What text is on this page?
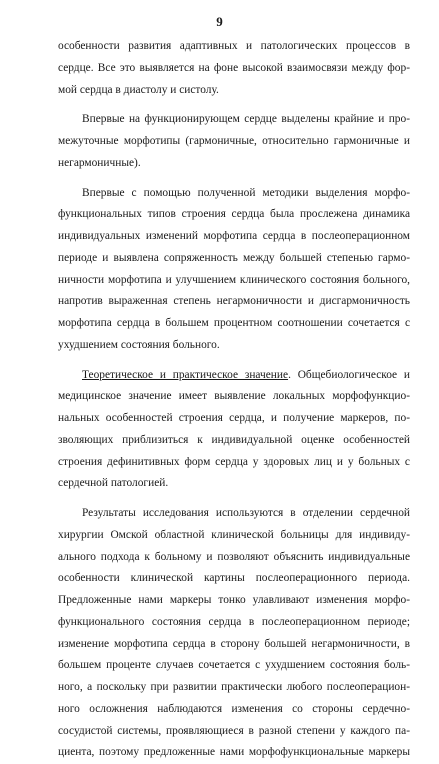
9
особенности развития адаптивных и патологических процессов в
сердце. Все это выявляется на фоне высокой взаимосвязи между фор-
мой сердца в диастолу и систолу.
Впервые на функционирующем сердце выделены крайние и про-
межуточные морфотипы (гармоничные, относительно гармоничные и
негармоничные).
Впервые с помощью полученной методики выделения морфо-
функциональных типов строения сердца была прослежена динамика
индивидуальных изменений морфотипа сердца в послеоперационном
периоде и выявлена сопряженность между большей степенью гармо-
ничности морфотипа и улучшением клинического состояния больного,
напротив выраженная степень негармоничности и дисгармоничность
морфотипа сердца в большем процентном соотношении сочетается с
ухудшением состояния больного.
Теоретическое и практическое значение. Общебиологическое и
медицинское значение имеет выявление локальных морфофункцио-
нальных особенностей строения сердца, и получение маркеров, по-
зволяющих приблизиться к индивидуальной оценке особенностей
строения дефинитивных форм сердца у здоровых лиц и у больных с
сердечной патологией.
Результаты исследования используются в отделении сердечной
хирургии Омской областной клинической больницы для индивиду-
ального подхода к больному и позволяют объяснить индивидуальные
особенности клинической картины послеоперационного периода.
Предложенные нами маркеры тонко улавливают изменения морфо-
функционального состояния сердца в послеоперационном периоде;
изменение морфотипа сердца в сторону большей негармоничности, в
большем проценте случаев сочетается с ухудшением состояния боль-
ного, а поскольку при развитии практически любого послеоперацион-
ного осложнения наблюдаются изменения со стороны сердечно-
сосудистой системы, проявляющиеся в разной степени у каждого па-
циента, поэтому предложенные нами морфофункциональные маркеры
